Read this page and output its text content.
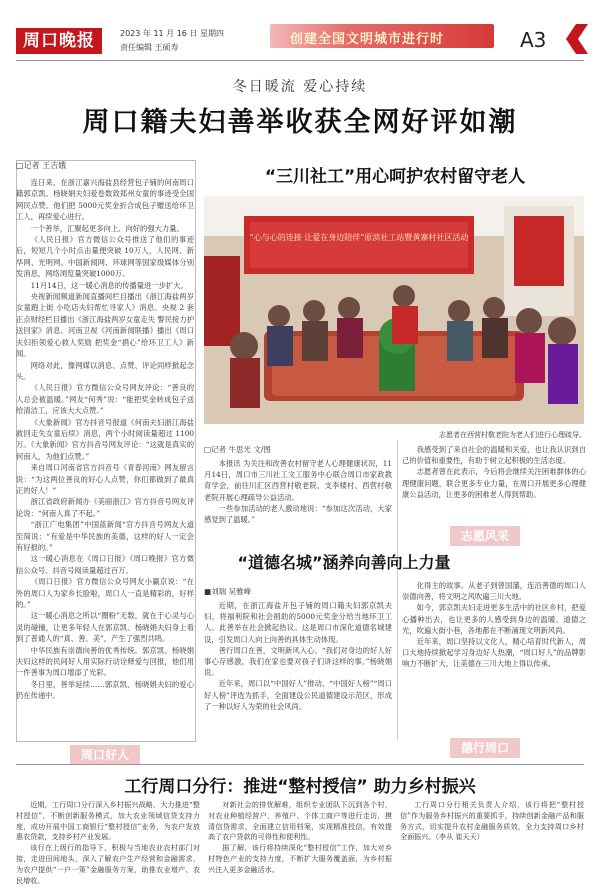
周口晚报	2023 年 11 月 16 日 星期四
责任编辑 王硕寿
创建全国文明城市进行时	A3
冬日暖流 爱心持续
周口籍夫妇善举收获全网好评如潮
□记者 王吉娥

连日来，在浙江嘉兴海盐县经营包子铺的何南周口籍郭京凯、杨晓娟夫妇爱卷数致郑州女童的事迹受全国网民点赞。他们把 5000元奖金折合成包子赠送给环卫工人，再续爱心进行。

一个善举，汇聚起更多向上、向好的强大力量。

《人民日报》官方微信公众号推送了他们的事迹后，短短几个小时点击量便突破 10万人，人民网、新华网、光明网、中国新闻网、环球网等国家级媒体分别发消息，网络浏览量突破1000万。

11月14日，这一暖心消息的传播量进一步扩大。

央视新闻频道新闻直播间栏目播出《浙江海盐两岁女童跑上街 小吃店夫妇帮忙寻家人》消息。央视 2 套正点财经栏目播出《浙江海盐两岁女童走失 警民接力护送回家》消息。河南卫视《河南新闻联播》播出《周口夫妇拒领爱心救人奖励 把奖金“捐心”给环卫工人》新闻。

网络对此，像网媒以消息、点赞、评论同样掀起念头。

《人民日报》官方微信公众号网友评论：“善良的人总会被温暖。”网友“何秀”说：“能把奖金转成包子送给清洁工，应该大大点赞。”

《大象新闻》官方抖音号报道《何南夫妇浙江海盐救回走失女童后续》消息，两个小时阅读量超过 1100 万。《大象新闻》官方抖音号网友评论：“这就是真实的何南人，为他们点赞。”

来自周口河南省官方抖音号《青春河南》网友留言说：“为这两位善良的好心人点赞，你们都做到了最真正的好人！”

浙江省政府新闻办《美丽浙江》官方抖音号网友评论说：“何南人真了不起。”

“浙江广电集团”中国蓝新闻“官方抖音号网友大道至简说：“有爱是中华民族的美德，这样的好人一定会有好报的。”

这一暖心消息在《周口日报》《周口晚报》官方微信公众号、抖音号阅读量超过百万。

《周口日报》官方微信公众号网友小赢京说：“在外的周口人为家乡长脸啦，周口人一直是精彩的，好样的。”

这一暖心消息之所以“圈粉”无数，就在于心灵与心灵的碰撞，让更多年轻人在郭京凯、杨晓娟夫妇身上看到了普通人的“真、善、美”，产生了强烈共鸣。

中华民族有崇德向善的优秀传统。郭京凯、杨晓娟夫妇这样的民间好人用实际行动诠释爱与回报，他们用一件善事为周口增添了光彩。

冬日里，善举延续……郭京凯、杨晓娟夫妇的爱心仍在传递中。

周口好人
“三川社工”用心呵护农村留守老人
“心与心的连接 让爱在身边陪伴”原滨社工站暨黄寨村社区活动
志愿者在西营村敬老院为老人们进行心理疏导。
□记者 牛思光 文/图

本报讯 为关注和改善农村留守老人心理健康状况，11月14日，周口市三川社工文工服务中心联合周口市家政教育学会，前往川汇区西营村敬老院、支李楼村、西营村敬老院开展心理疏导公益活动。

一些参加活动的老人激动地说：“参加这次活动，大家感觉到了温暖。”

我感受到了来自社会的温暖和关爱，也让我认识到自己的价值和重要性，有助于树立起积极的生活态度。

志愿者曾在此表示，今后将会继续关注困难群体的心理健康问题，联合更多专业力量，在周口开展更多心理健康公益活动，让更多的困难老人得到帮助。

志愿风采
“道德名城”涵养向善向上力量
■刘瑞 吴雅峰

近期，在浙江海盐开包子铺的周口籍夫妇郭京凯夫妇，将福利院和社会捐助的5000元奖金分给当地环卫工人。此善举在社会掀起热议。这是周口市深化道德名城建设，引发周口人向上向善的具体生动体现。

善行周口在善，文明新风入心。“我们对身边的好人好事心存感激，我们在家也要对孩子们讲这样的事。”杨晓娟说。

近年来，周口以“中国好人”推动、“中国好人榜”“周口好人榜”评选为抓手，全面建设公民道德建设示范区，形成了一种以好人为荣的社会风尚。

化得主的故事。从老子到曾国藩，连沿善德的周口人崇德向善，将文明之风吹遍三川大地。

如今，郭京凯夫妇走进更多生活中的社区乡村，把爱心播种出去，也让更多的人感受到身边的温暖。道德之光，吹遍大街小巷，各地都在不断涌现文明新风尚。

近年来，周口坚持以文化人，精心培育时代新人，周口大地持续掀起学习身边好人热潮，“周口好人”的品牌影响力不断扩大，让美德在三川大地上得以传承。

德行周口
工行周口分行：推进“整村授信” 助力乡村振兴

近期，工行周口分行深入乡村振兴战略，大力推进“整村授信”，不断创新服务模式，加大农业领域信贷支持力度，成功开展中国工商银行“整村授信”业务，为农户发放惠农贷款，支持乡村产业发展。

该行在上级行的指导下，积极与当地农业农村部门对接，走进田间地头，深入了解农户生产经营和金融需求，为农户提供“一户一策”金融服务方案，助推农业增产、农民增收。

对新社会的排忧解难，组织专业团队下沉到各个村，对农业种植经营户、养殖户、个体工商户等进行走访，摸清信贷需求，全面建立信用档案，实现精准授信，有效提高了农户贷款的可得性和便利性。

据了解，该行将持续深化“整村授信”工作，加大对乡村特色产业的支持力度，不断扩大服务覆盖面，为乡村振兴注入更多金融活水。

工行周口分行相关负责人介绍，该行将把“整村授信”作为服务乡村振兴的重要抓手，持续创新金融产品和服务方式，切实提升农村金融服务质效，全力支持周口乡村全面振兴。（李从 崔天天）
